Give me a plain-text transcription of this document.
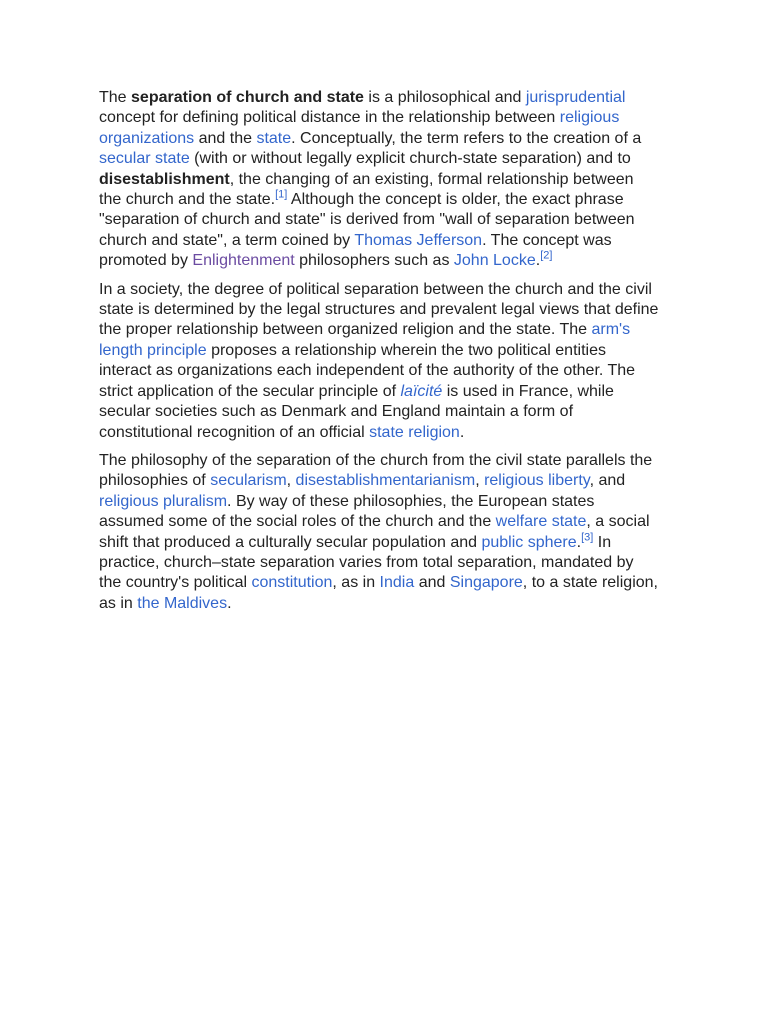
The separation of church and state is a philosophical and jurisprudential concept for defining political distance in the relationship between religious organizations and the state. Conceptually, the term refers to the creation of a secular state (with or without legally explicit church-state separation) and to disestablishment, the changing of an existing, formal relationship between the church and the state.[1] Although the concept is older, the exact phrase "separation of church and state" is derived from "wall of separation between church and state", a term coined by Thomas Jefferson. The concept was promoted by Enlightenment philosophers such as John Locke.[2]

In a society, the degree of political separation between the church and the civil state is determined by the legal structures and prevalent legal views that define the proper relationship between organized religion and the state. The arm's length principle proposes a relationship wherein the two political entities interact as organizations each independent of the authority of the other. The strict application of the secular principle of laïcité is used in France, while secular societies such as Denmark and England maintain a form of constitutional recognition of an official state religion.

The philosophy of the separation of the church from the civil state parallels the philosophies of secularism, disestablishmentarianism, religious liberty, and religious pluralism. By way of these philosophies, the European states assumed some of the social roles of the church and the welfare state, a social shift that produced a culturally secular population and public sphere.[3] In practice, church–state separation varies from total separation, mandated by the country's political constitution, as in India and Singapore, to a state religion, as in the Maldives.
